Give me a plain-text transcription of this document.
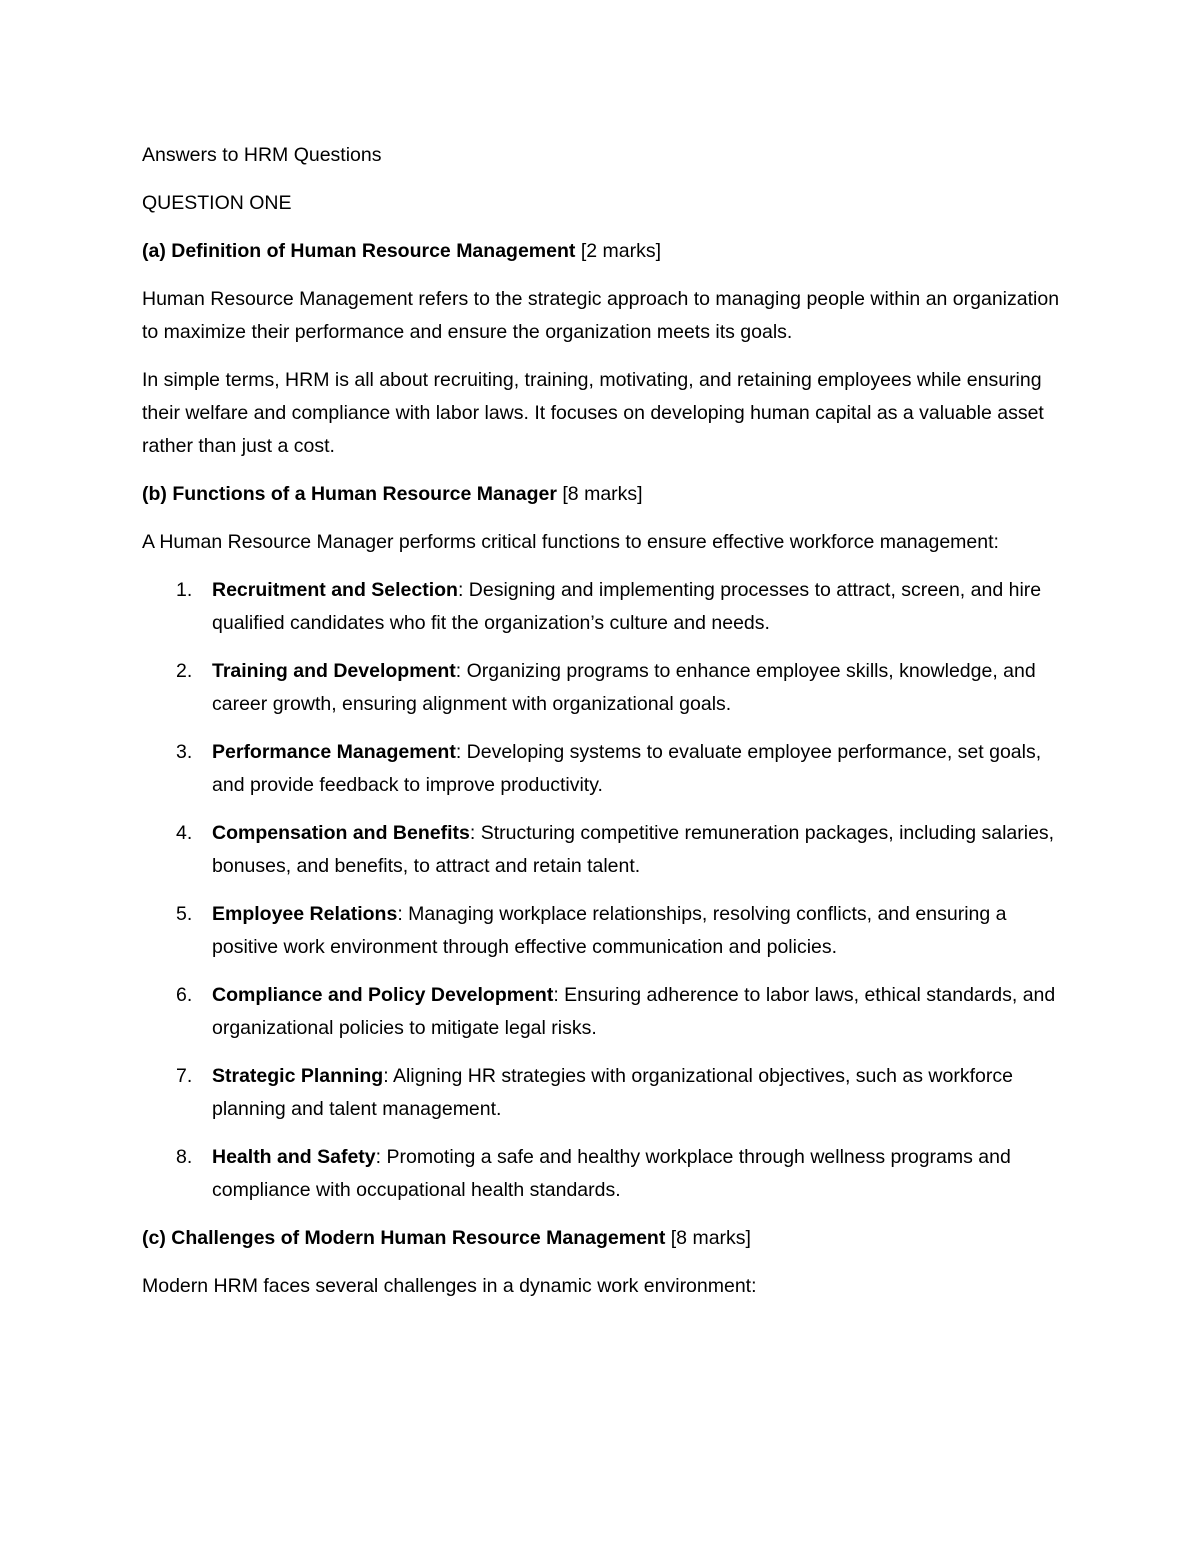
Answers to HRM Questions

QUESTION ONE

(a) Definition of Human Resource Management [2 marks]

Human Resource Management refers to the strategic approach to managing people within an organization to maximize their performance and ensure the organization meets its goals.

In simple terms, HRM is all about recruiting, training, motivating, and retaining employees while ensuring their welfare and compliance with labor laws. It focuses on developing human capital as a valuable asset rather than just a cost.

(b) Functions of a Human Resource Manager [8 marks]

A Human Resource Manager performs critical functions to ensure effective workforce management:

1. Recruitment and Selection: Designing and implementing processes to attract, screen, and hire qualified candidates who fit the organization’s culture and needs.
2. Training and Development: Organizing programs to enhance employee skills, knowledge, and career growth, ensuring alignment with organizational goals.
3. Performance Management: Developing systems to evaluate employee performance, set goals, and provide feedback to improve productivity.
4. Compensation and Benefits: Structuring competitive remuneration packages, including salaries, bonuses, and benefits, to attract and retain talent.
5. Employee Relations: Managing workplace relationships, resolving conflicts, and ensuring a positive work environment through effective communication and policies.
6. Compliance and Policy Development: Ensuring adherence to labor laws, ethical standards, and organizational policies to mitigate legal risks.
7. Strategic Planning: Aligning HR strategies with organizational objectives, such as workforce planning and talent management.
8. Health and Safety: Promoting a safe and healthy workplace through wellness programs and compliance with occupational health standards.

(c) Challenges of Modern Human Resource Management [8 marks]

Modern HRM faces several challenges in a dynamic work environment:
